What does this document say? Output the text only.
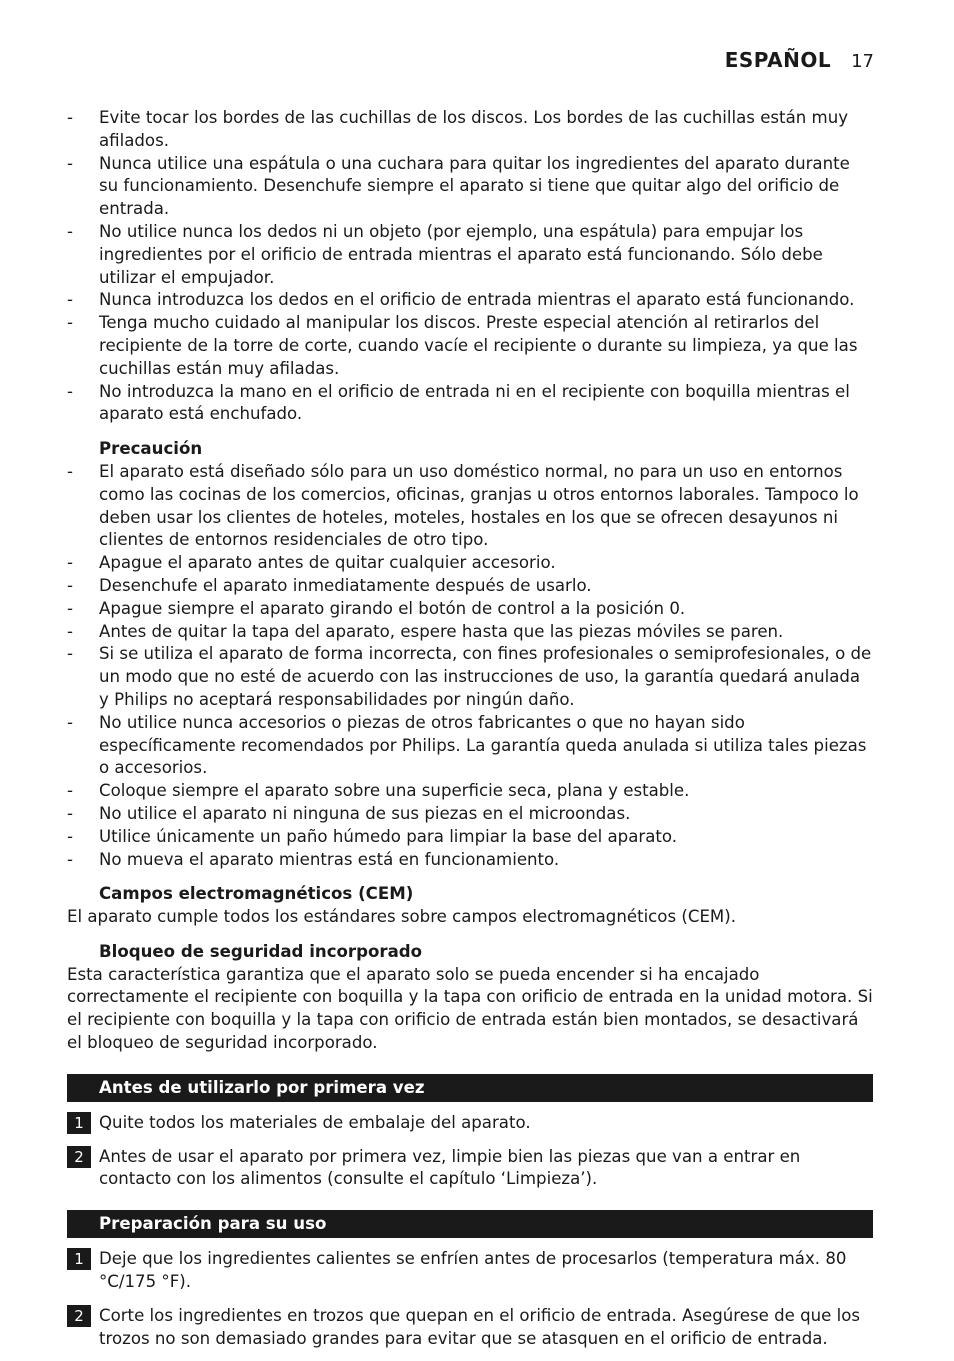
ESPAÑOL 17
- Evite tocar los bordes de las cuchillas de los discos. Los bordes de las cuchillas están muy afilados.
- Nunca utilice una espátula o una cuchara para quitar los ingredientes del aparato durante su funcionamiento. Desenchufe siempre el aparato si tiene que quitar algo del orificio de entrada.
- No utilice nunca los dedos ni un objeto (por ejemplo, una espátula) para empujar los ingredientes por el orificio de entrada mientras el aparato está funcionando. Sólo debe utilizar el empujador.
- Nunca introduzca los dedos en el orificio de entrada mientras el aparato está funcionando.
- Tenga mucho cuidado al manipular los discos. Preste especial atención al retirarlos del recipiente de la torre de corte, cuando vacíe el recipiente o durante su limpieza, ya que las cuchillas están muy afiladas.
- No introduzca la mano en el orificio de entrada ni en el recipiente con boquilla mientras el aparato está enchufado.
Precaución
- El aparato está diseñado sólo para un uso doméstico normal, no para un uso en entornos como las cocinas de los comercios, oficinas, granjas u otros entornos laborales. Tampoco lo deben usar los clientes de hoteles, moteles, hostales en los que se ofrecen desayunos ni clientes de entornos residenciales de otro tipo.
- Apague el aparato antes de quitar cualquier accesorio.
- Desenchufe el aparato inmediatamente después de usarlo.
- Apague siempre el aparato girando el botón de control a la posición 0.
- Antes de quitar la tapa del aparato, espere hasta que las piezas móviles se paren.
- Si se utiliza el aparato de forma incorrecta, con fines profesionales o semiprofesionales, o de un modo que no esté de acuerdo con las instrucciones de uso, la garantía quedará anulada y Philips no aceptará responsabilidades por ningún daño.
- No utilice nunca accesorios o piezas de otros fabricantes o que no hayan sido específicamente recomendados por Philips. La garantía queda anulada si utiliza tales piezas o accesorios.
- Coloque siempre el aparato sobre una superficie seca, plana y estable.
- No utilice el aparato ni ninguna de sus piezas en el microondas.
- Utilice únicamente un paño húmedo para limpiar la base del aparato.
- No mueva el aparato mientras está en funcionamiento.
Campos electromagnéticos (CEM)

El aparato cumple todos los estándares sobre campos electromagnéticos (CEM).

Bloqueo de seguridad incorporado

Esta característica garantiza que el aparato solo se pueda encender si ha encajado correctamente el recipiente con boquilla y la tapa con orificio de entrada en la unidad motora. Si el recipiente con boquilla y la tapa con orificio de entrada están bien montados, se desactivará el bloqueo de seguridad incorporado.

Antes de utilizarlo por primera vez
1 Quite todos los materiales de embalaje del aparato.
2 Antes de usar el aparato por primera vez, limpie bien las piezas que van a entrar en contacto con los alimentos (consulte el capítulo ‘Limpieza’).
Preparación para su uso
1 Deje que los ingredientes calientes se enfríen antes de procesarlos (temperatura máx. 80 °C/175 °F).
2 Corte los ingredientes en trozos que quepan en el orificio de entrada. Asegúrese de que los trozos no son demasiado grandes para evitar que se atasquen en el orificio de entrada.
